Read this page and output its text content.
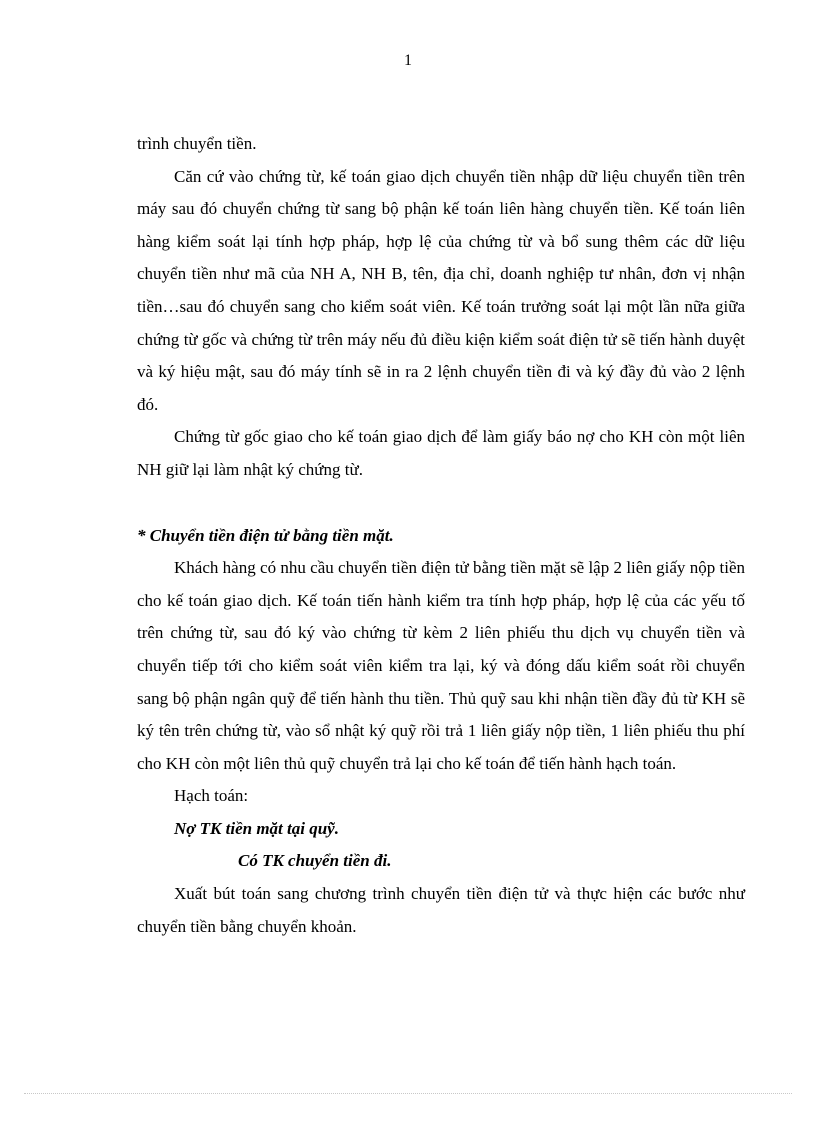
1

trình chuyển tiền.

Căn cứ vào chứng từ, kế toán giao dịch chuyển tiền nhập dữ liệu chuyển tiền trên máy sau đó chuyển chứng từ sang bộ phận kế toán liên hàng chuyển tiền. Kế toán liên hàng kiểm soát lại tính hợp pháp, hợp lệ của chứng từ và bổ sung thêm các dữ liệu chuyển tiền như mã của NH A, NH B, tên, địa chỉ, doanh nghiệp tư nhân, đơn vị nhận tiền…sau đó chuyển sang cho kiểm soát viên. Kế toán trưởng soát lại một lần nữa giữa chứng từ gốc và chứng từ trên máy nếu đủ điều kiện kiểm soát điện tử sẽ tiến hành duyệt và ký hiệu mật, sau đó máy tính sẽ in ra 2 lệnh chuyển tiền đi và ký đầy đủ vào 2 lệnh đó.

Chứng từ gốc giao cho kế toán giao dịch để làm giấy báo nợ cho KH còn một liên NH giữ lại làm nhật ký chứng từ.

* Chuyển tiền điện tử bằng tiền mặt.

Khách hàng có nhu cầu chuyển tiền điện tử bằng tiền mặt sẽ lập 2 liên giấy nộp tiền cho kế toán giao dịch. Kế toán tiến hành kiểm tra tính hợp pháp, hợp lệ của các yếu tố trên chứng từ, sau đó ký vào chứng từ kèm 2 liên phiếu thu dịch vụ chuyển tiền và chuyển tiếp tới cho kiểm soát viên kiểm tra lại, ký và đóng dấu kiểm soát rồi chuyển sang bộ phận ngân quỹ để tiến hành thu tiền. Thủ quỹ sau khi nhận tiền đầy đủ từ KH sẽ ký tên trên chứng từ, vào sổ nhật ký quỹ rồi trả 1 liên giấy nộp tiền, 1 liên phiếu thu phí cho KH còn một liên thủ quỹ chuyển trả lại cho kế toán để tiến hành hạch toán.

Hạch toán:

Nợ TK tiền mặt tại quỹ.

Có TK chuyển tiền đi.

Xuất bút toán sang chương trình chuyển tiền điện tử và thực hiện các bước như chuyển tiền bằng chuyển khoản.
